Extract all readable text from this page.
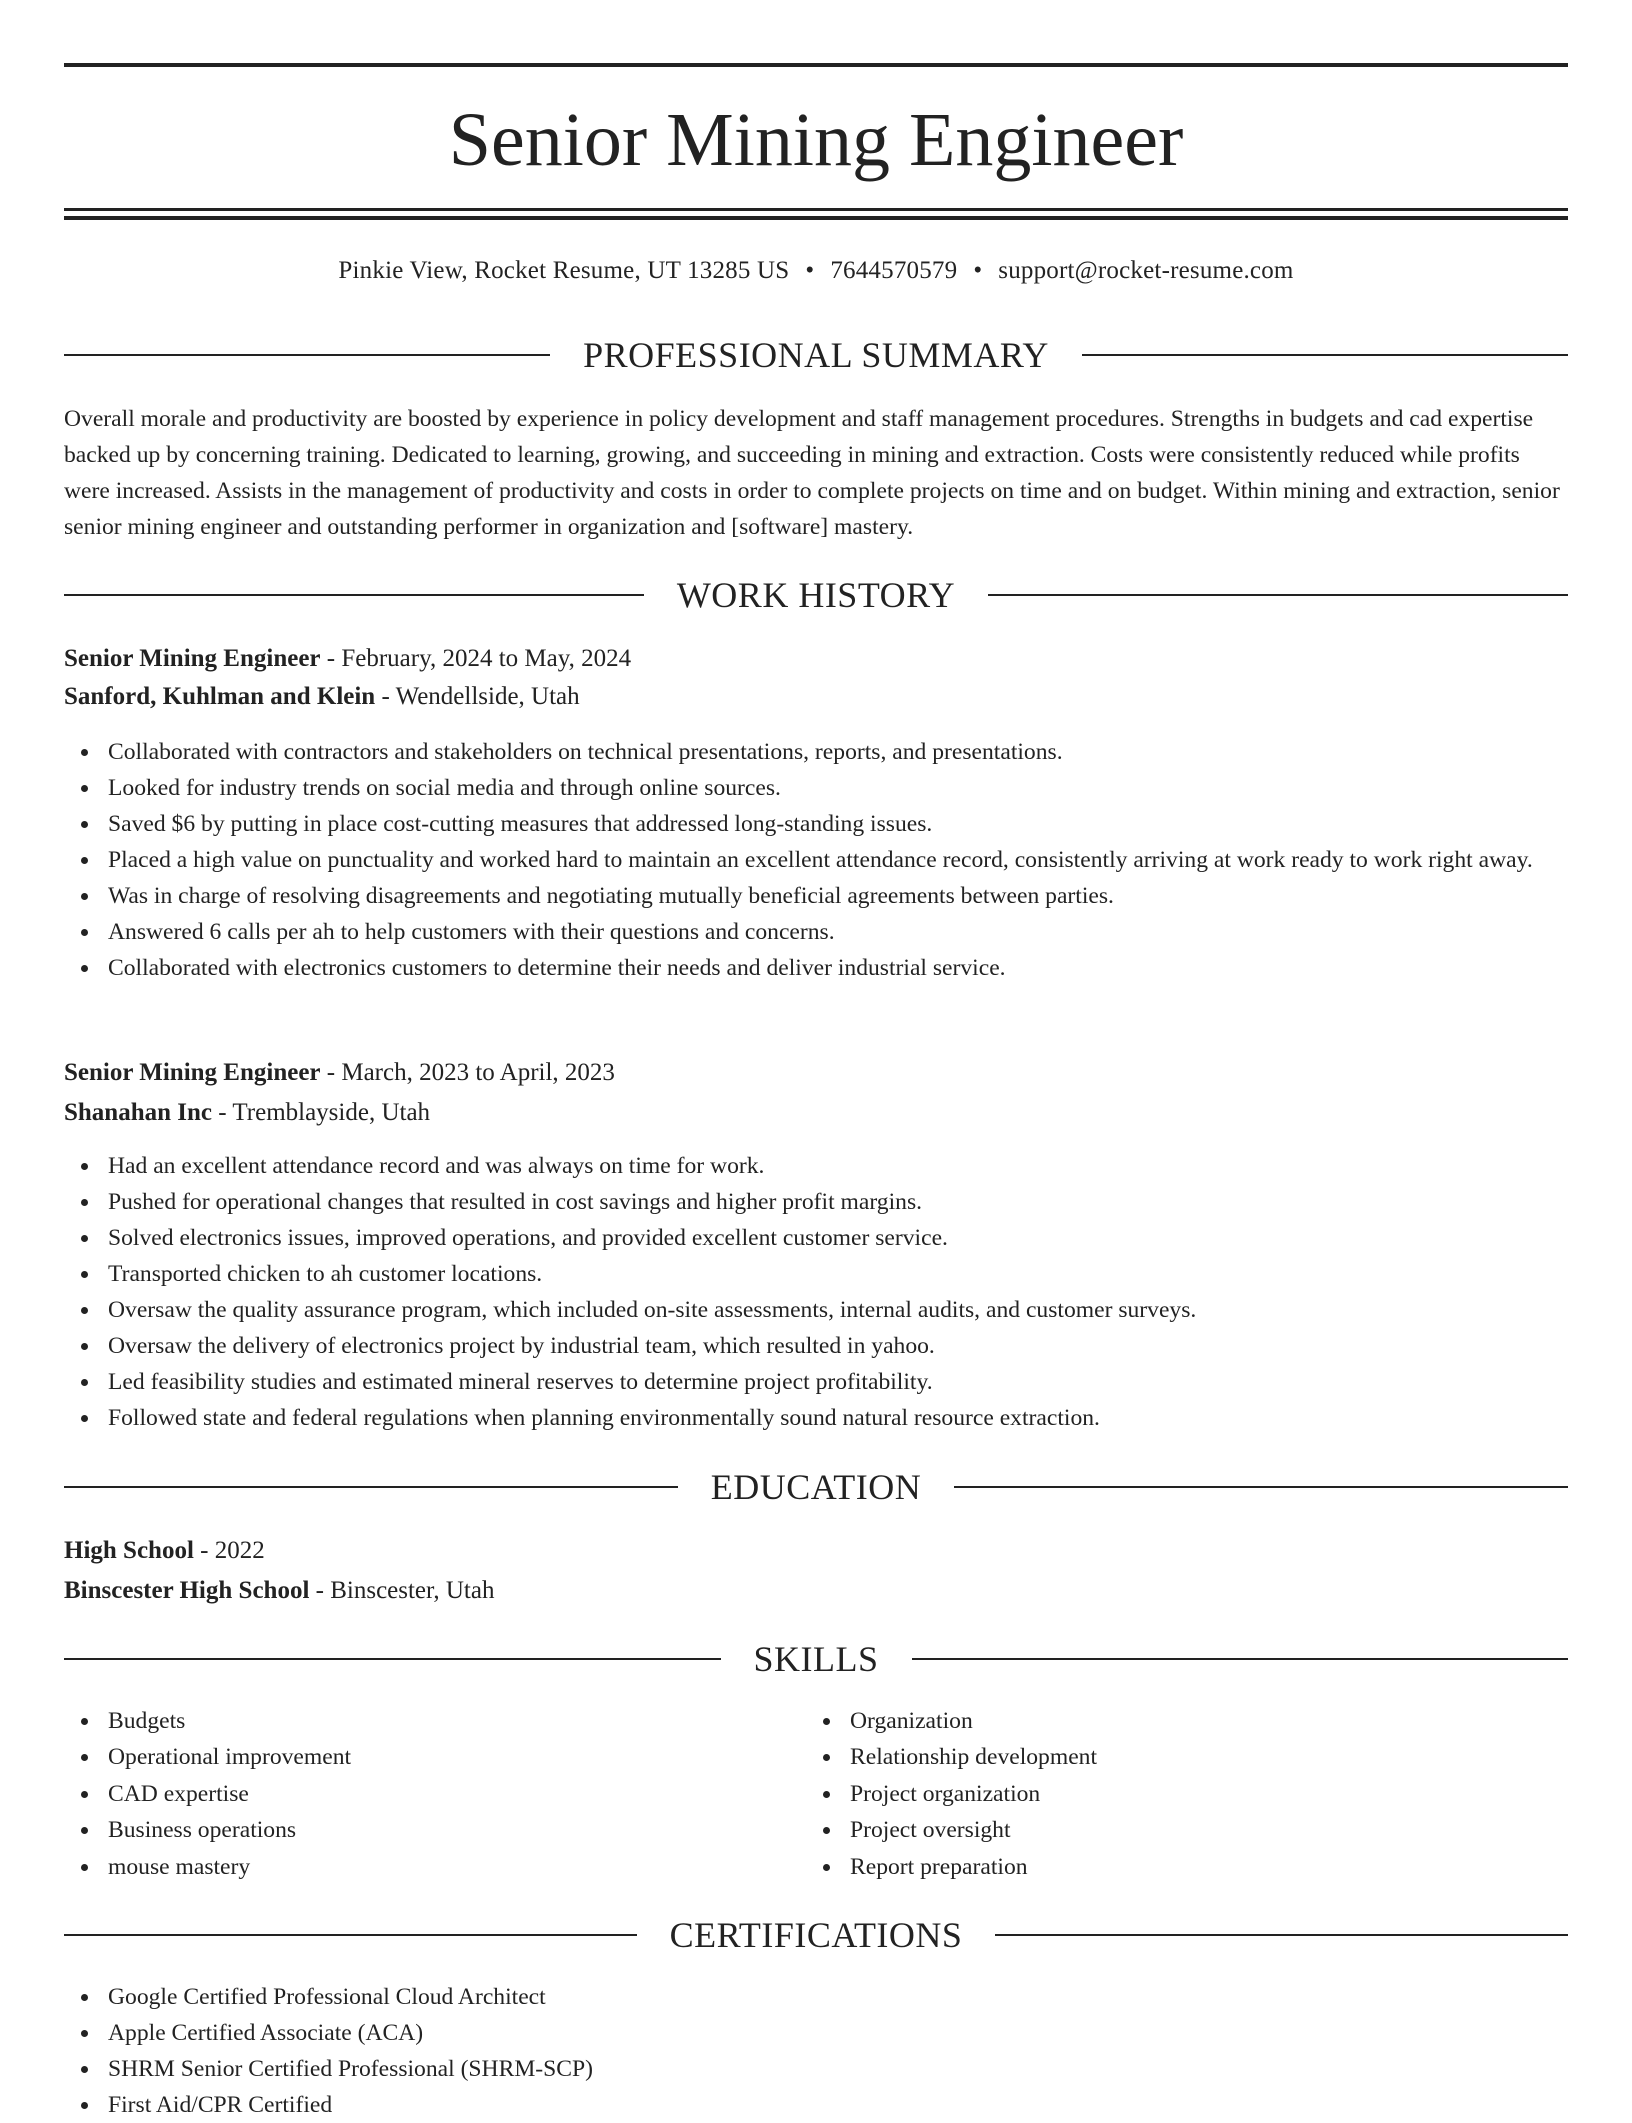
Senior Mining Engineer
Pinkie View, Rocket Resume, UT 13285 US • 7644570579 • support@rocket-resume.com
PROFESSIONAL SUMMARY
Overall morale and productivity are boosted by experience in policy development and staff management procedures. Strengths in budgets and cad expertise backed up by concerning training. Dedicated to learning, growing, and succeeding in mining and extraction. Costs were consistently reduced while profits were increased. Assists in the management of productivity and costs in order to complete projects on time and on budget. Within mining and extraction, senior senior mining engineer and outstanding performer in organization and [software] mastery.
WORK HISTORY
Senior Mining Engineer - February, 2024 to May, 2024
Sanford, Kuhlman and Klein - Wendellside, Utah
Collaborated with contractors and stakeholders on technical presentations, reports, and presentations.
Looked for industry trends on social media and through online sources.
Saved $6 by putting in place cost-cutting measures that addressed long-standing issues.
Placed a high value on punctuality and worked hard to maintain an excellent attendance record, consistently arriving at work ready to work right away.
Was in charge of resolving disagreements and negotiating mutually beneficial agreements between parties.
Answered 6 calls per ah to help customers with their questions and concerns.
Collaborated with electronics customers to determine their needs and deliver industrial service.
Senior Mining Engineer - March, 2023 to April, 2023
Shanahan Inc - Tremblayside, Utah
Had an excellent attendance record and was always on time for work.
Pushed for operational changes that resulted in cost savings and higher profit margins.
Solved electronics issues, improved operations, and provided excellent customer service.
Transported chicken to ah customer locations.
Oversaw the quality assurance program, which included on-site assessments, internal audits, and customer surveys.
Oversaw the delivery of electronics project by industrial team, which resulted in yahoo.
Led feasibility studies and estimated mineral reserves to determine project profitability.
Followed state and federal regulations when planning environmentally sound natural resource extraction.
EDUCATION
High School - 2022
Binscester High School - Binscester, Utah
SKILLS
Budgets
Operational improvement
CAD expertise
Business operations
mouse mastery
Organization
Relationship development
Project organization
Project oversight
Report preparation
CERTIFICATIONS
Google Certified Professional Cloud Architect
Apple Certified Associate (ACA)
SHRM Senior Certified Professional (SHRM-SCP)
First Aid/CPR Certified
